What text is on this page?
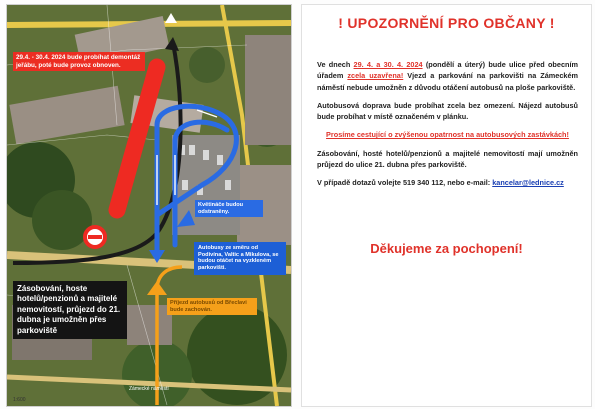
29.4. - 30.4. 2024 bude probíhat demontáž jeřábu, poté bude provoz obnoven.
Květináče budou odstraněny.
Autobusy ze směru od Podivína, Valtic a Mikulova, se budou otáčet na vyzkleném parkovišti.
Příjezd autobusů od Břeclavi bude zachován.
Zásobování, hoste hotelů/penzionů a majitelé nemovitostí, průjezd do 21. dubna je umožněn přes parkoviště
Zámecké náměstí
1:600
! UPOZORNĚNÍ PRO OBČANY !

Ve dnech 29. 4. a 30. 4. 2024 (pondělí a úterý) bude ulice před obecním úřadem zcela uzavřena! Vjezd a parkování na parkovišti na Zámeckém náměstí nebude umožněn z důvodu otáčení autobusů na ploše parkoviště.

Autobusová doprava bude probíhat zcela bez omezení. Nájezd autobusů bude probíhat v místě označeném v plánku.

Prosíme cestující o zvýšenou opatrnost na autobusových zastávkách!

Zásobování, hosté hotelů/penzionů a majitelé nemovitostí mají umožněn průjezd do ulice 21. dubna přes parkoviště.

V případě dotazů volejte 519 340 112, nebo e-mail: kancelar@lednice.cz

Děkujeme za pochopení!
